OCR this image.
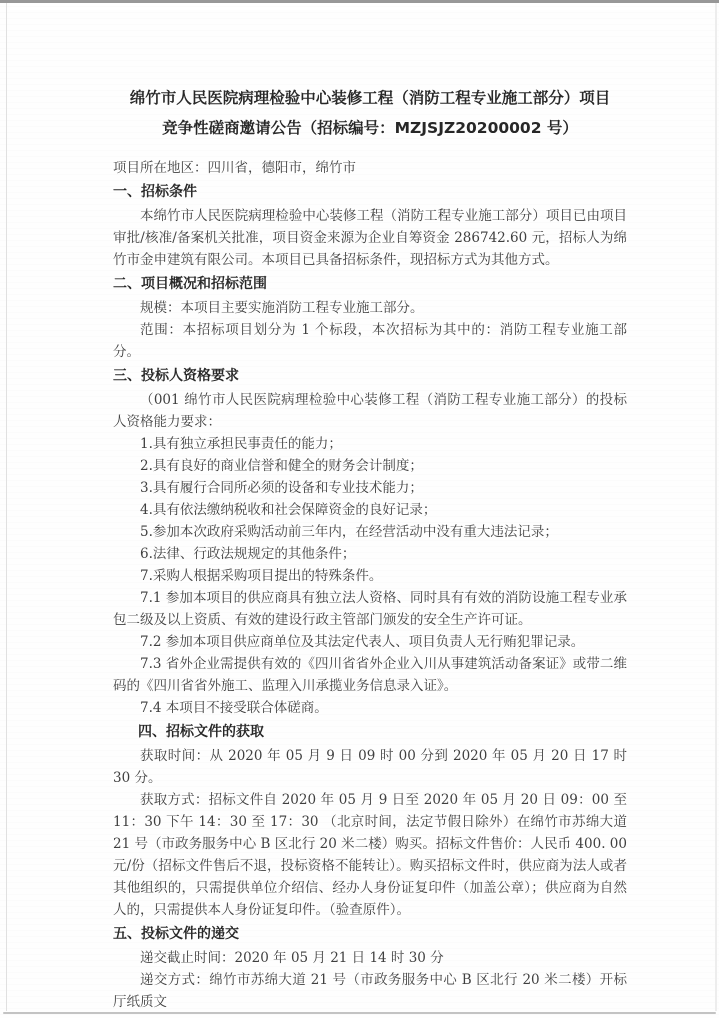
绵竹市人民医院病理检验中心装修工程（消防工程专业施工部分）项目
竞争性磋商邀请公告（招标编号：MZJSJZ20200002 号）

项目所在地区：四川省，德阳市，绵竹市

一、招标条件

本绵竹市人民医院病理检验中心装修工程（消防工程专业施工部分）项目已由项目审批/核准/备案机关批准，项目资金来源为企业自筹资金 286742.60 元，招标人为绵竹市金申建筑有限公司。本项目已具备招标条件，现招标方式为其他方式。

二、项目概况和招标范围

规模：本项目主要实施消防工程专业施工部分。

范围：本招标项目划分为 1 个标段，本次招标为其中的：消防工程专业施工部分。

三、投标人资格要求

（001 绵竹市人民医院病理检验中心装修工程（消防工程专业施工部分）的投标人资格能力要求：

1.具有独立承担民事责任的能力；

2.具有良好的商业信誉和健全的财务会计制度；

3.具有履行合同所必须的设备和专业技术能力；

4.具有依法缴纳税收和社会保障资金的良好记录；

5.参加本次政府采购活动前三年内，在经营活动中没有重大违法记录；

6.法律、行政法规规定的其他条件；

7.采购人根据采购项目提出的特殊条件。

7.1 参加本项目的供应商具有独立法人资格、同时具有有效的消防设施工程专业承包二级及以上资质、有效的建设行政主管部门颁发的安全生产许可证。

7.2 参加本项目供应商单位及其法定代表人、项目负责人无行贿犯罪记录。

7.3 省外企业需提供有效的《四川省省外企业入川从事建筑活动备案证》或带二维码的《四川省省外施工、监理入川承揽业务信息录入证》。

7.4 本项目不接受联合体磋商。

四、招标文件的获取

获取时间：从 2020 年 05 月 9 日 09 时 00 分到 2020 年 05 月 20 日 17 时 30 分。

获取方式：招标文件自 2020 年 05 月 9 日至 2020 年 05 月 20 日 09：00 至 11：30 下午 14：30 至 17：30 （北京时间，法定节假日除外）在绵竹市苏绵大道 21 号（市政务服务中心 B 区北行 20 米二楼）购买。招标文件售价：人民币 400. 00 元/份（招标文件售后不退，投标资格不能转让）。购买招标文件时，供应商为法人或者其他组织的，只需提供单位介绍信、经办人身份证复印件（加盖公章）；供应商为自然人的，只需提供本人身份证复印件。（验查原件）。

五、投标文件的递交

递交截止时间：2020 年 05 月 21 日 14 时 30 分

递交方式：绵竹市苏绵大道 21 号（市政务服务中心 B 区北行 20 米二楼）开标厅纸质文
